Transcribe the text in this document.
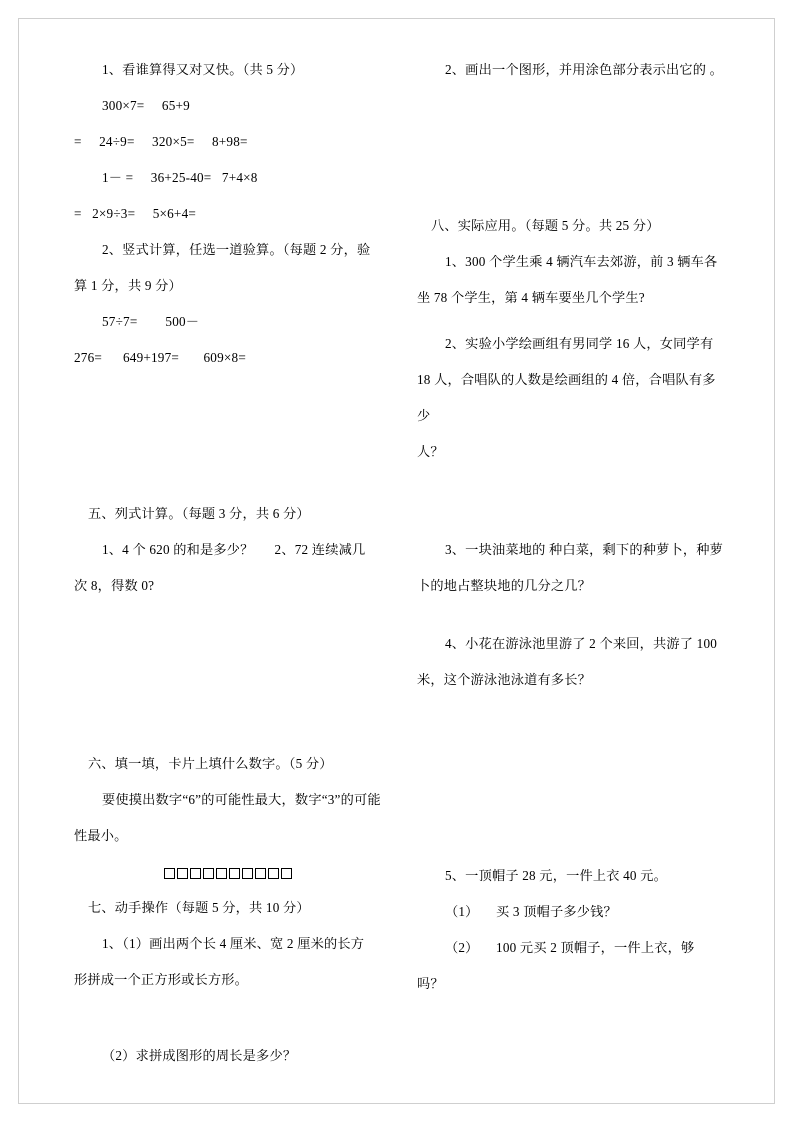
1、看谁算得又对又快。（共 5 分）

300×7=     65+9

=     24÷9=     320×5=     8+98=

1－ =     36+25-40=   7+4×8

=   2×9÷3=     5×6+4=

2、竖式计算，任选一道验算。（每题 2 分，验

算 1 分，共 9 分）

57÷7=        500－

276=      649+197=       609×8=

五、列式计算。（每题 3 分，共 6 分）

1、4 个 620 的和是多少？      2、72 连续减几

次 8，得数 0?

六、填一填，卡片上填什么数字。（5 分）

要使摸出数字“6”的可能性最大，数字“3”的可能

性最小。

七、动手操作（每题 5 分，共 10 分）

1、（1）画出两个长 4 厘米、宽 2 厘米的长方

形拼成一个正方形或长方形。

（2）求拼成图形的周长是多少？

2、画出一个图形，并用涂色部分表示出它的 。

八、实际应用。（每题 5 分。共 25 分）

1、300 个学生乘 4 辆汽车去郊游，前 3 辆车各

坐 78 个学生，第 4 辆车要坐几个学生?

2、实验小学绘画组有男同学 16 人，女同学有

18 人，合唱队的人数是绘画组的 4 倍，合唱队有多少

人？

3、一块油菜地的 种白菜，剩下的种萝卜，种萝

卜的地占整块地的几分之几？

4、小花在游泳池里游了 2 个来回，共游了 100

米，这个游泳池泳道有多长？

5、一顶帽子 28 元，一件上衣 40 元。

（1）     买 3 顶帽子多少钱？

（2）     100 元买 2 顶帽子，一件上衣，够

吗？
